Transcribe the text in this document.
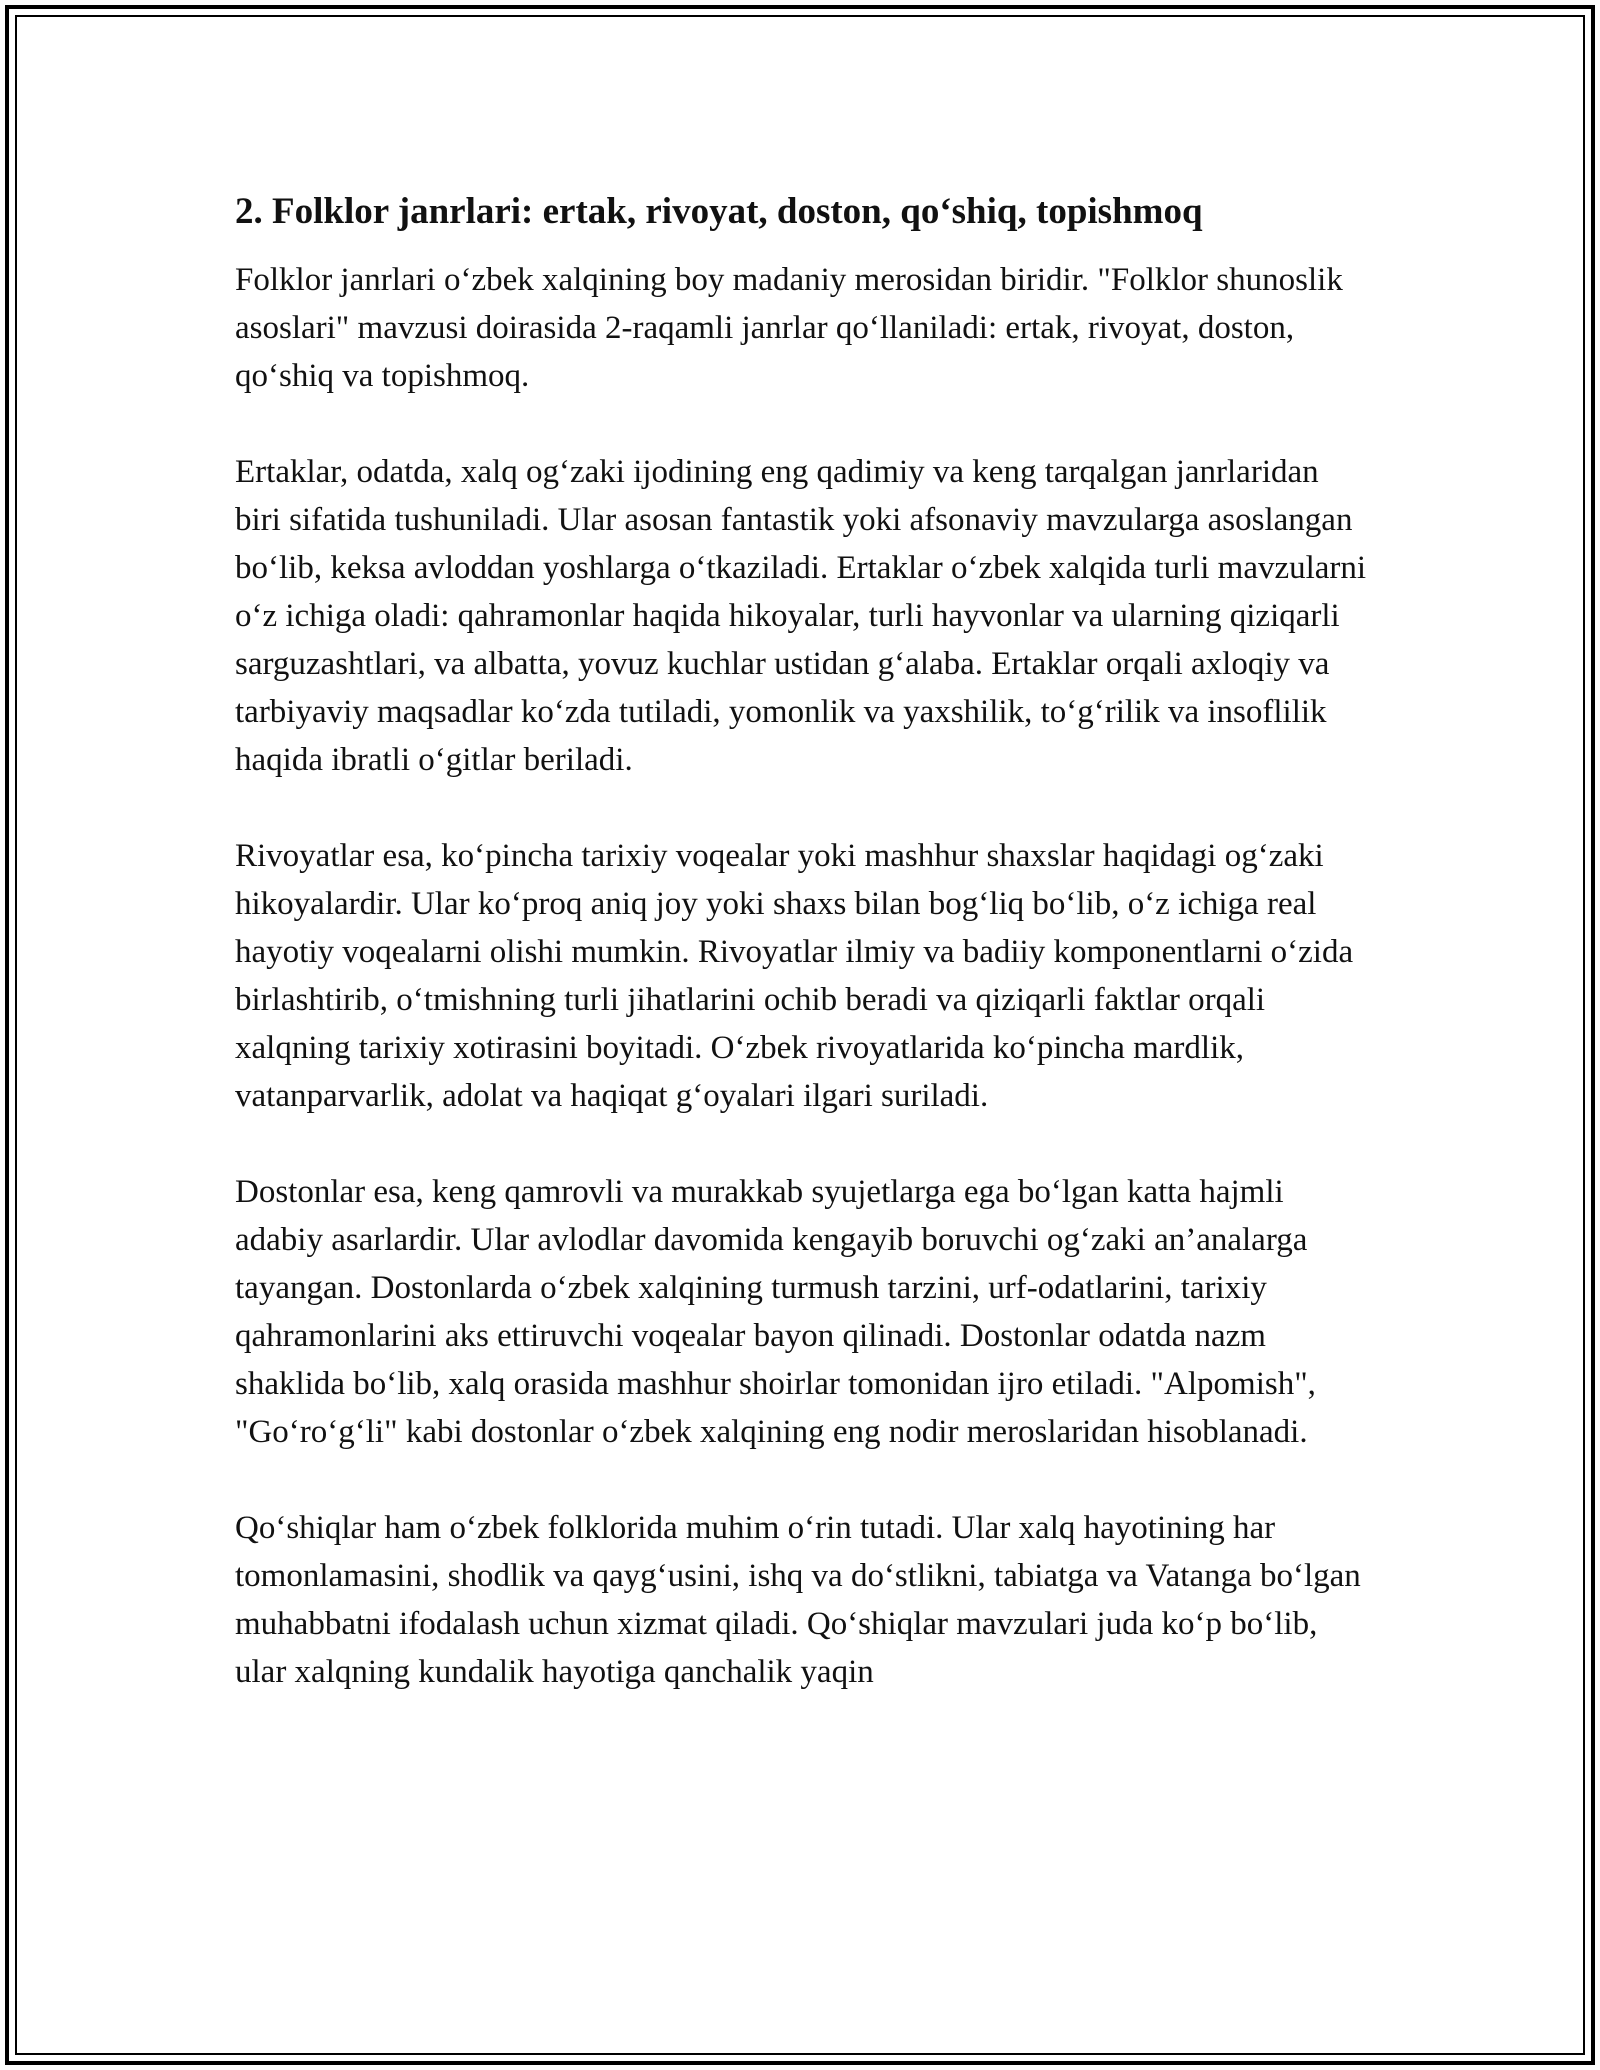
2. Folklor janrlari: ertak, rivoyat, doston, qo‘shiq, topishmoq

Folklor janrlari o‘zbek xalqining boy madaniy merosidan biridir. "Folklor shunoslik asoslari" mavzusi doirasida 2-raqamli janrlar qo‘llaniladi: ertak, rivoyat, doston, qo‘shiq va topishmoq.

Ertaklar, odatda, xalq og‘zaki ijodining eng qadimiy va keng tarqalgan janrlaridan biri sifatida tushuniladi. Ular asosan fantastik yoki afsonaviy mavzularga asoslangan bo‘lib, keksa avloddan yoshlarga o‘tkaziladi. Ertaklar o‘zbek xalqida turli mavzularni o‘z ichiga oladi: qahramonlar haqida hikoyalar, turli hayvonlar va ularning qiziqarli sarguzashtlari, va albatta, yovuz kuchlar ustidan g‘alaba. Ertaklar orqali axloqiy va tarbiyaviy maqsadlar ko‘zda tutiladi, yomonlik va yaxshilik, to‘g‘rilik va insoflilik haqida ibratli o‘gitlar beriladi.

Rivoyatlar esa, ko‘pincha tarixiy voqealar yoki mashhur shaxslar haqidagi og‘zaki hikoyalardir. Ular ko‘proq aniq joy yoki shaxs bilan bog‘liq bo‘lib, o‘z ichiga real hayotiy voqealarni olishi mumkin. Rivoyatlar ilmiy va badiiy komponentlarni o‘zida birlashtirib, o‘tmishning turli jihatlarini ochib beradi va qiziqarli faktlar orqali xalqning tarixiy xotirasini boyitadi. O‘zbek rivoyatlarida ko‘pincha mardlik, vatanparvarlik, adolat va haqiqat g‘oyalari ilgari suriladi.

Dostonlar esa, keng qamrovli va murakkab syujetlarga ega bo‘lgan katta hajmli adabiy asarlardir. Ular avlodlar davomida kengayib boruvchi og‘zaki an’analarga tayangan. Dostonlarda o‘zbek xalqining turmush tarzini, urf-odatlarini, tarixiy qahramonlarini aks ettiruvchi voqealar bayon qilinadi. Dostonlar odatda nazm shaklida bo‘lib, xalq orasida mashhur shoirlar tomonidan ijro etiladi. "Alpomish", "Go‘ro‘g‘li" kabi dostonlar o‘zbek xalqining eng nodir meroslaridan hisoblanadi.

Qo‘shiqlar ham o‘zbek folklorida muhim o‘rin tutadi. Ular xalq hayotining har tomonlamasini, shodlik va qayg‘usini, ishq va do‘stlikni, tabiatga va Vatanga bo‘lgan muhabbatni ifodalash uchun xizmat qiladi. Qo‘shiqlar mavzulari juda ko‘p bo‘lib, ular xalqning kundalik hayotiga qanchalik yaqin
